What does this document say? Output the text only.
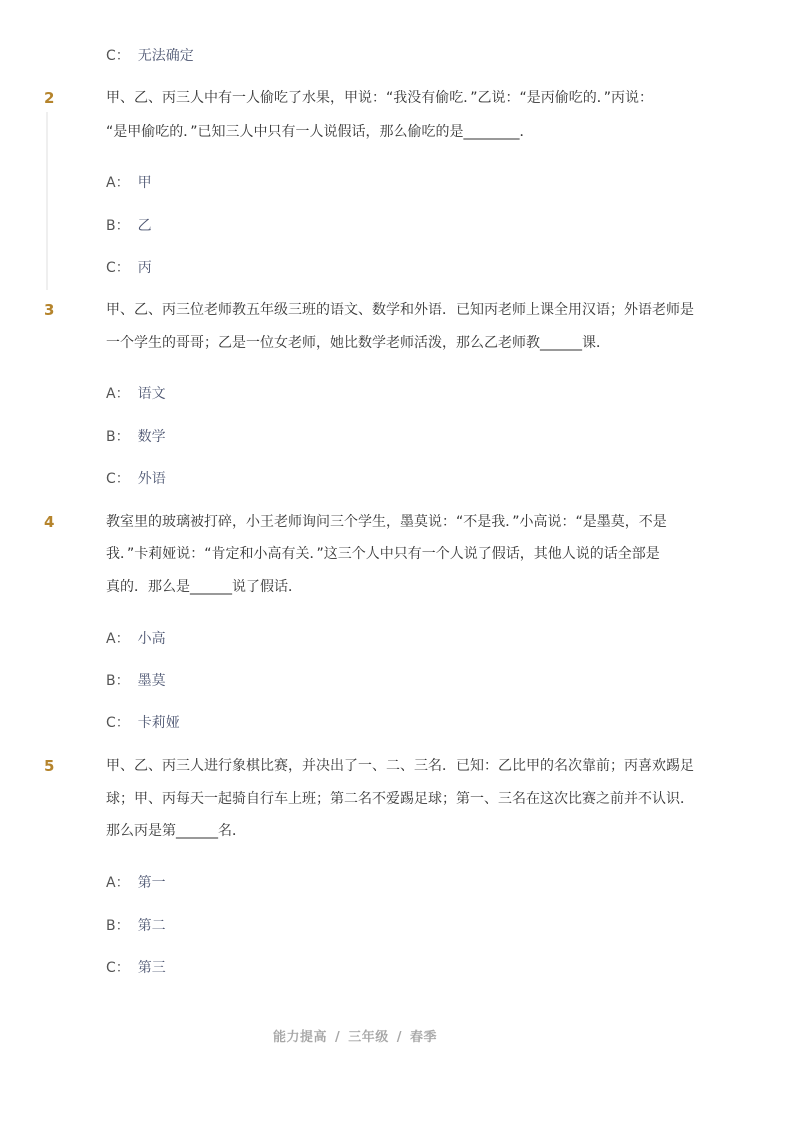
C： 无法确定
2	甲、乙、丙三人中有一人偷吃了水果，甲说：“我没有偷吃．”乙说：“是丙偷吃的．”丙说：
“是甲偷吃的．”已知三人中只有一人说假话，那么偷吃的是________．
A： 甲
B： 乙
C： 丙
3	甲、乙、丙三位老师教五年级三班的语文、数学和外语．已知丙老师上课全用汉语；外语老师是
一个学生的哥哥；乙是一位女老师，她比数学老师活泼，那么乙老师教______课．
A： 语文
B： 数学
C： 外语
4	教室里的玻璃被打碎，小王老师询问三个学生，墨莫说：“不是我．”小高说：“是墨莫，不是
我．”卡莉娅说：“肯定和小高有关．”这三个人中只有一个人说了假话，其他人说的话全部是
真的．那么是______说了假话．
A： 小高
B： 墨莫
C： 卡莉娅
5	甲、乙、丙三人进行象棋比赛，并决出了一、二、三名．已知：乙比甲的名次靠前；丙喜欢踢足
球；甲、丙每天一起骑自行车上班；第二名不爱踢足球；第一、三名在这次比赛之前并不认识．
那么丙是第______名．
A： 第一
B： 第二
C： 第三
能力提高 / 三年级 / 春季
